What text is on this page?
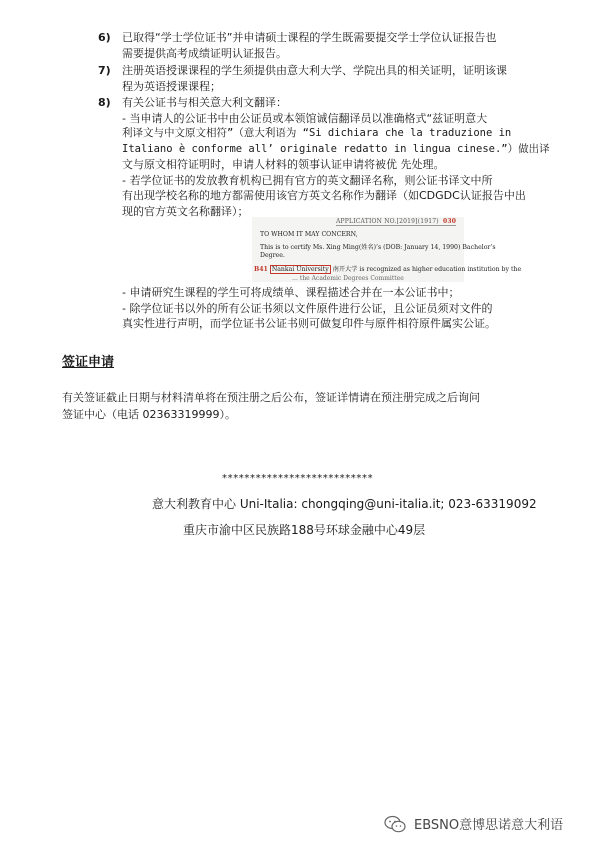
6) 已取得“学士学位证书”并申请硕士课程的学生既需要提交学士学位认证报告也
需要提供高考成绩证明认证报告。
7) 注册英语授课课程的学生须提供由意大利大学、学院出具的相关证明，证明该课
程为英语授课课程；
8) 有关公证书与相关意大利文翻译：
- 当申请人的公证书中由公证员或本领馆诚信翻译员以准确格式“兹证明意大
利译文与中文原文相符”（意大利语为 “Si dichiara che la traduzione in
Italiano è conforme all’ originale redatto in lingua cinese.”）做出译
文与原文相符证明时，申请人材料的领事认证申请将被优 先处理。
- 若学位证书的发放教育机构已拥有官方的英文翻译名称，则公证书译文中所
有出现学校名称的地方都需使用该官方英文名称作为翻译（如CDGDC认证报告中出
现的官方英文名称翻译）；
APPLICATION NO.[2019](1917) 030
TO WHOM IT MAY CONCERN,
This is to certify Ms. Xing Ming(姓名)’s (DOB: January 14, 1990) Bachelor’s
Degree.
B41 Nankai University 南开大学 is recognized as higher education institution by the
… the Academic Degrees Committee
- 申请研究生课程的学生可将成绩单、课程描述合并在一本公证书中；
- 除学位证书以外的所有公证书须以文件原件进行公证，且公证员须对文件的
真实性进行声明，而学位证书公证书则可做复印件与原件相符原件属实公证。
签证申请
有关签证截止日期与材料清单将在预注册之后公布，签证详情请在预注册完成之后询问
签证中心（电话 02363319999）。
***************************
意大利教育中心 Uni-Italia: chongqing@uni-italia.it; 023-63319092
重庆市渝中区民族路188号环球金融中心49层
EBSNO意博思诺意大利语
